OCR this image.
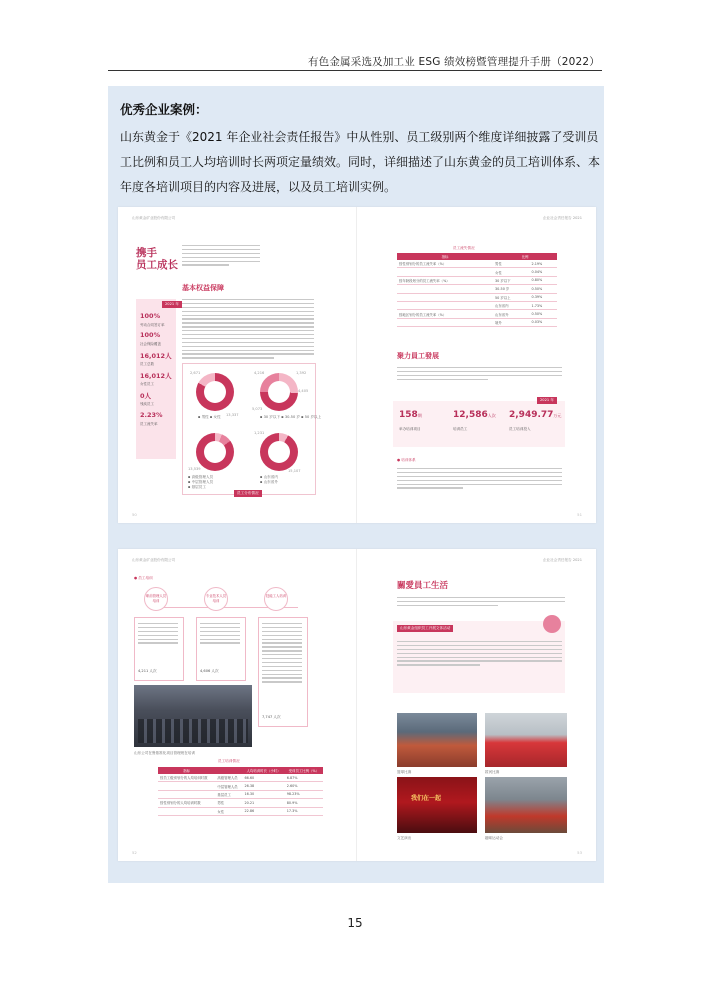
有色金属采选及加工业 ESG 绩效榜暨管理提升手册（2022）
优秀企业案例：
山东黄金于《2021 年企业社会责任报告》中从性别、员工级别两个维度详细披露了受训员工比例和员工人均培训时长两项定量绩效。同时，详细描述了山东黄金的员工培训体系、本年度各培训项目的内容及进展，以及员工培训实例。
山东黄金矿业股份有限公司
携手
员工成长
基本权益保障
2021 年
100%
劳动合同签订率
100%
社会保险覆盖
16,012人
员工总数
16,012人
女性员工
0人
残疾员工
2.23%
员工流失率
2,671
13,337
4,216	1,392
4,405
5,073
13,539
1,231
15,107
▪ 男性 ▪ 女性	▪ 30 岁以下 ▪ 30-50 岁 ▪ 50 岁以上
▪ 高级管理人员
▪ 中层管理人员
▪ 基层员工
▪ 山东省内
▪ 山东省外
员工分布情况
50
企业社会责任报告 2021
员工流失情况
指标	比例	
按性别划分的员工流失率（%）	男性	2.19%
	女性	0.04%
按年龄段划分的员工流失率（%）	30 岁以下	0.80%
	30-50 岁	0.50%
	50 岁以上	0.39%
	山东省内	1.73%
按地区划分的员工流失率（%）	山东省外	0.50%
	境外	0.03%
聚力員工發展
2021 年
158期
举办培训项目
12,586人次
培训员工
2,949.77万元
员工培训投入
● 培训体系
51
山东黄金矿业股份有限公司
● 员工培训
职前管理人员培训
专业技术人员培训
技能工人培训
4,211 人次	4,606 人次
7,747 人次
山东公司在鲁基准化项目管理班在培训
员工培训情况
指标		人均培训时长（小时）	受训员工比例（%）
按员工级别划分的人均培训时数	高级管理人员	66.60	6.87%
	中层管理人员	26.38	2.60%
	基层员工	16.30	98.23%
按性别划分的人均培训时数	男性	20.21	80.9%
	女性	22.86	17.3%
52
企业社会责任报告 2021
關愛員工生活
山东黄金组织员工开展文体活动
篮球比赛	拔河比赛
我们在一起
文艺演出	趣味运动会
53
15
